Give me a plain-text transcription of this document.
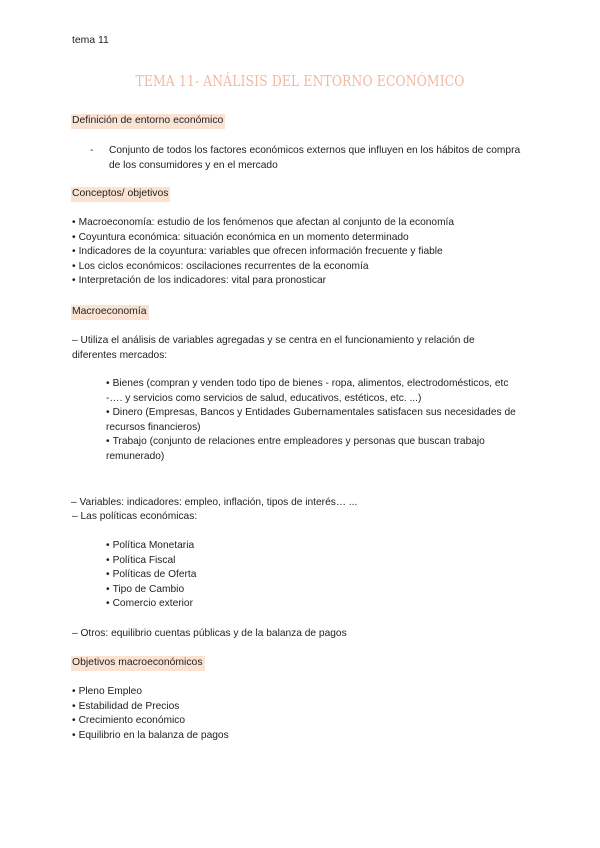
tema 11
TEMA 11- ANÁLISIS DEL ENTORNO ECONÓMICO
Definición de entorno económico
- Conjunto de todos los factores económicos externos que influyen en los hábitos de compra de los consumidores y en el mercado
Conceptos/ objetivos
• Macroeconomía: estudio de los fenómenos que afectan al conjunto de la economía
• Coyuntura económica: situación económica en un momento determinado
• Indicadores de la coyuntura: variables que ofrecen información frecuente y fiable
• Los ciclos económicos: oscilaciones recurrentes de la economía
• Interpretación de los indicadores: vital para pronosticar
Macroeconomía
– Utiliza el análisis de variables agregadas y se centra en el funcionamiento y relación de diferentes mercados:
• Bienes (compran y venden todo tipo de bienes - ropa, alimentos, electrodomésticos, etc -…. y servicios como servicios de salud, educativos, estéticos, etc. ...)
• Dinero (Empresas, Bancos y Entidades Gubernamentales satisfacen sus necesidades de recursos financieros)
• Trabajo (conjunto de relaciones entre empleadores y personas que buscan trabajo remunerado)
– Variables: indicadores: empleo, inflación, tipos de interés… ...
– Las políticas económicas:
• Política Monetaria
• Política Fiscal
• Políticas de Oferta
• Tipo de Cambio
• Comercio exterior
– Otros: equilibrio cuentas públicas y de la balanza de pagos
Objetivos macroeconómicos
• Pleno Empleo
• Estabilidad de Precios
• Crecimiento económico
• Equilibrio en la balanza de pagos
